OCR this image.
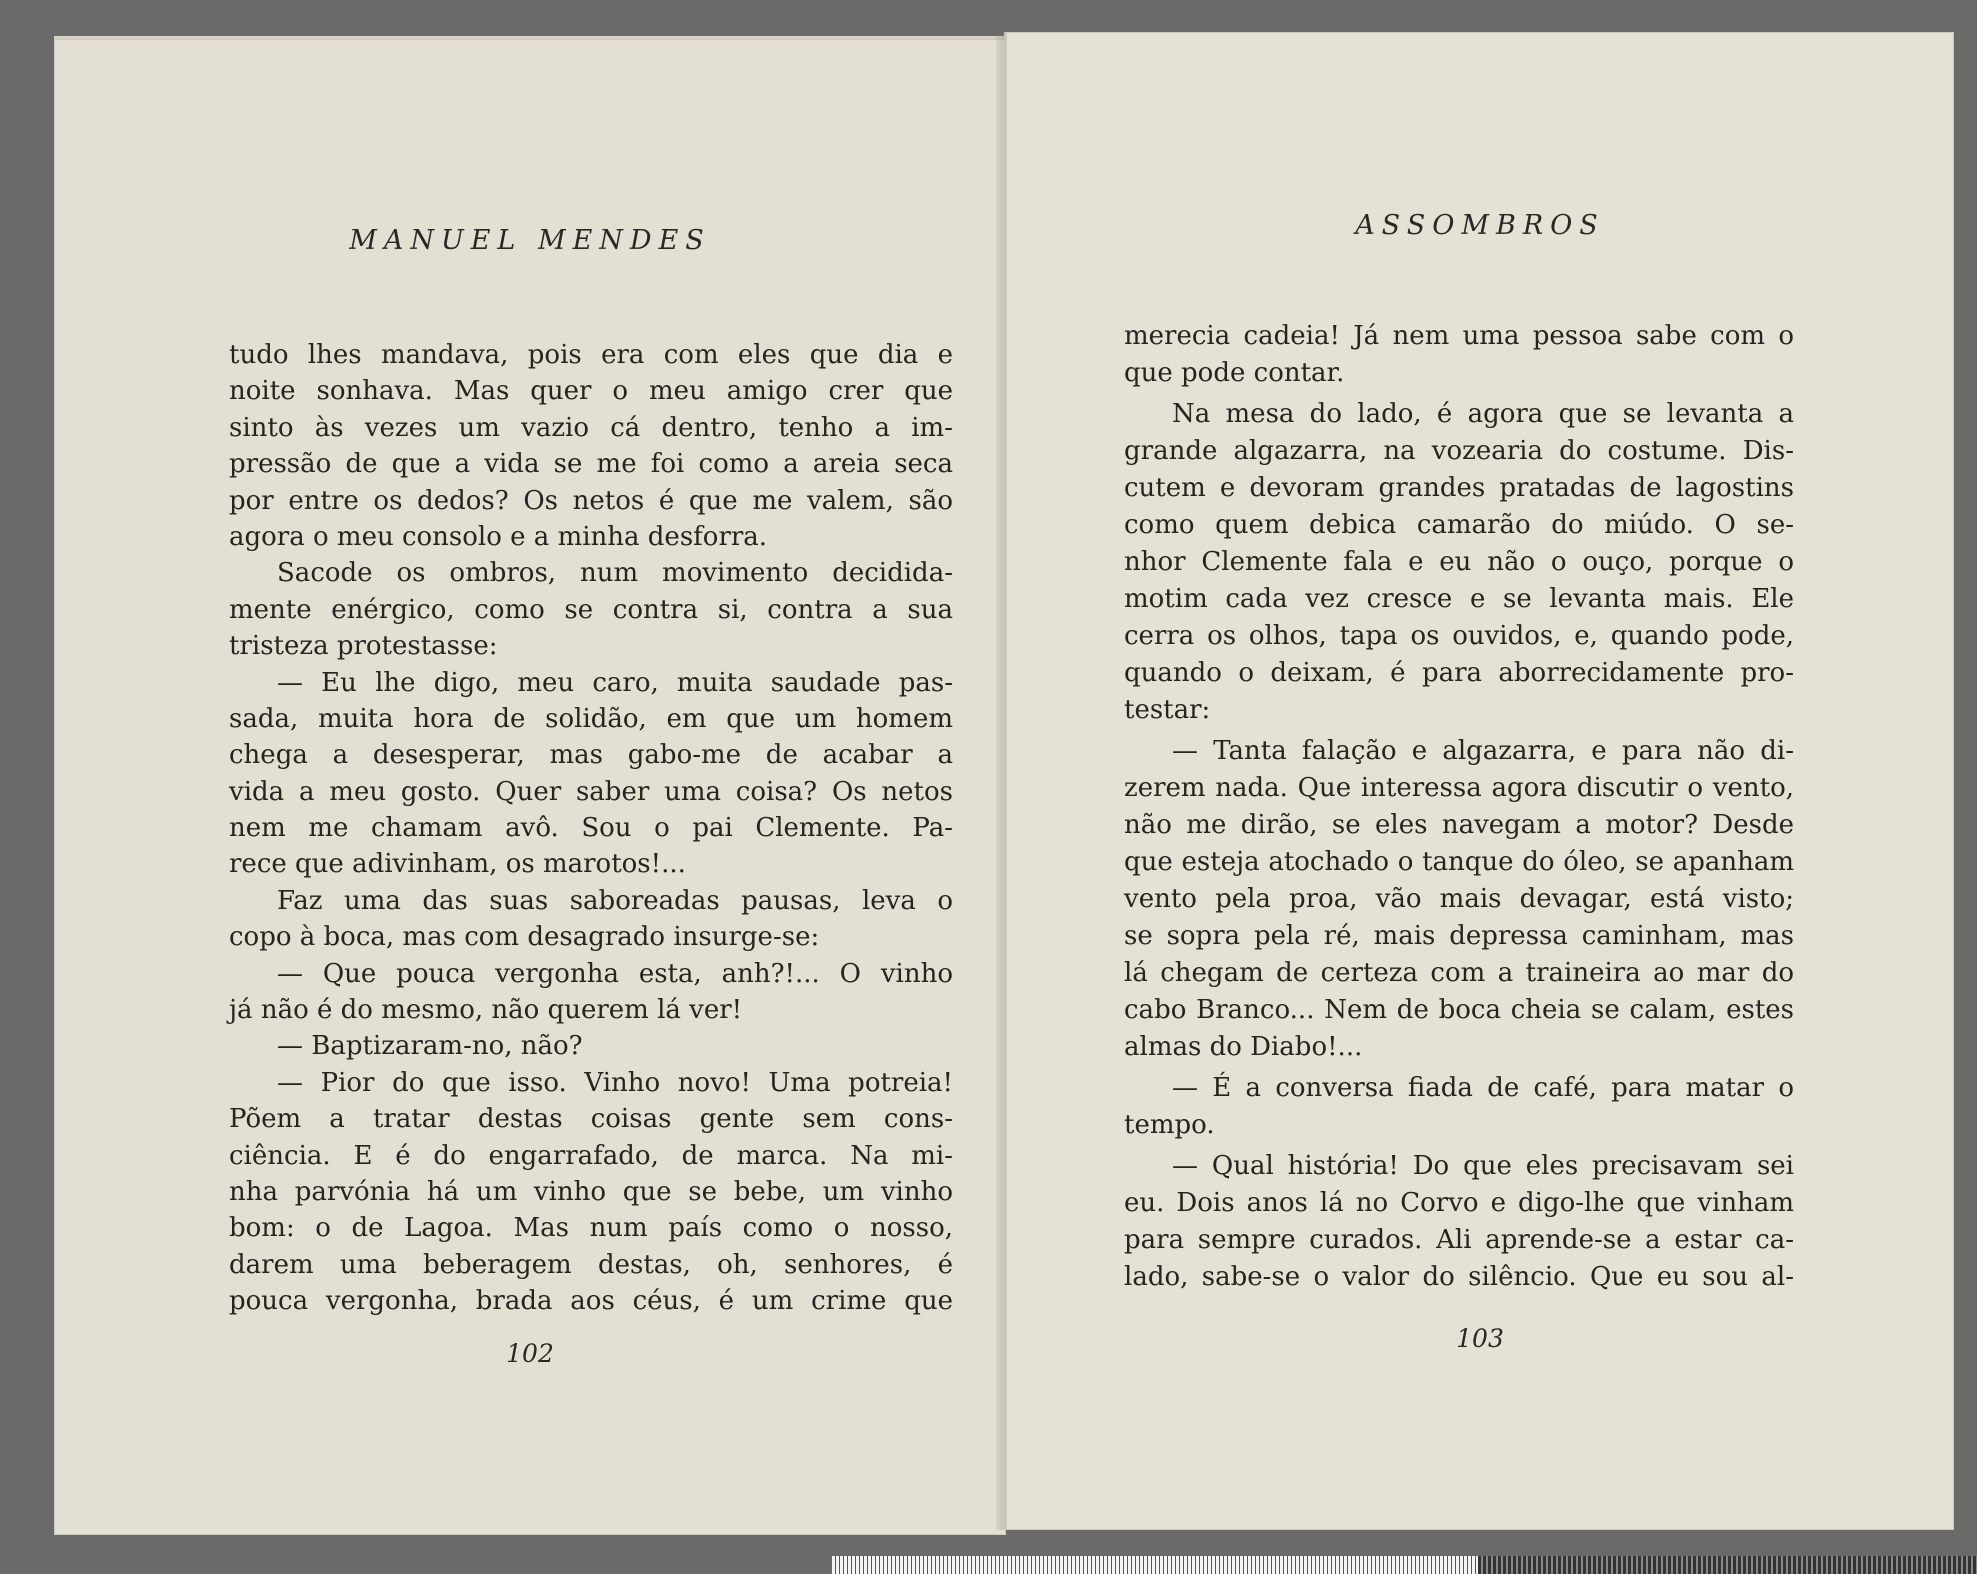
MANUEL MENDES
tudo lhes mandava, pois era com eles que dia e
noite sonhava. Mas quer o meu amigo crer que
sinto às vezes um vazio cá dentro, tenho a im-
pressão de que a vida se me foi como a areia seca
por entre os dedos? Os netos é que me valem, são
agora o meu consolo e a minha desforra.
Sacode os ombros, num movimento decidida-
mente enérgico, como se contra si, contra a sua
tristeza protestasse:
— Eu lhe digo, meu caro, muita saudade pas-
sada, muita hora de solidão, em que um homem
chega a desesperar, mas gabo-me de acabar a
vida a meu gosto. Quer saber uma coisa? Os netos
nem me chamam avô. Sou o pai Clemente. Pa-
rece que adivinham, os marotos!...
Faz uma das suas saboreadas pausas, leva o
copo à boca, mas com desagrado insurge-se:
— Que pouca vergonha esta, anh?!... O vinho
já não é do mesmo, não querem lá ver!
— Baptizaram-no, não?
— Pior do que isso. Vinho novo! Uma potreia!
Põem a tratar destas coisas gente sem cons-
ciência. E é do engarrafado, de marca. Na mi-
nha parvónia há um vinho que se bebe, um vinho
bom: o de Lagoa. Mas num país como o nosso,
darem uma beberagem destas, oh, senhores, é
pouca vergonha, brada aos céus, é um crime que
102
ASSOMBROS
merecia cadeia! Já nem uma pessoa sabe com o
que pode contar.
Na mesa do lado, é agora que se levanta a
grande algazarra, na vozearia do costume. Dis-
cutem e devoram grandes pratadas de lagostins
como quem debica camarão do miúdo. O se-
nhor Clemente fala e eu não o ouço, porque o
motim cada vez cresce e se levanta mais. Ele
cerra os olhos, tapa os ouvidos, e, quando pode,
quando o deixam, é para aborrecidamente pro-
testar:
— Tanta falação e algazarra, e para não di-
zerem nada. Que interessa agora discutir o vento,
não me dirão, se eles navegam a motor? Desde
que esteja atochado o tanque do óleo, se apanham
vento pela proa, vão mais devagar, está visto;
se sopra pela ré, mais depressa caminham, mas
lá chegam de certeza com a traineira ao mar do
cabo Branco... Nem de boca cheia se calam, estes
almas do Diabo!...
— É a conversa fiada de café, para matar o
tempo.
— Qual história! Do que eles precisavam sei
eu. Dois anos lá no Corvo e digo-lhe que vinham
para sempre curados. Ali aprende-se a estar ca-
lado, sabe-se o valor do silêncio. Que eu sou al-
103
